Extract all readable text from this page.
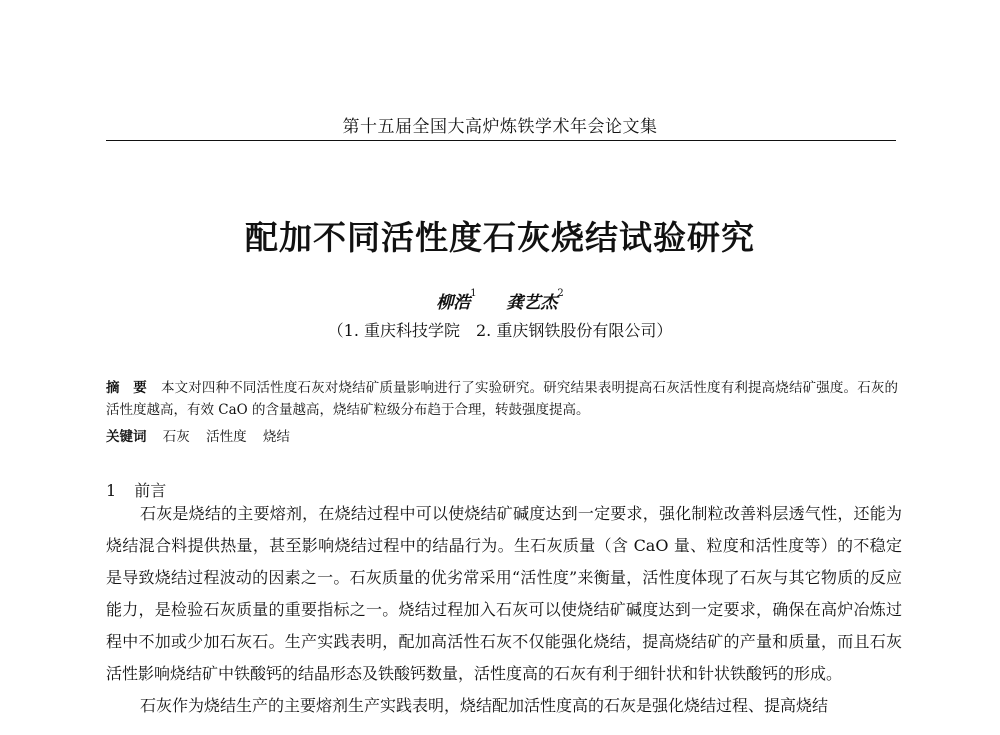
第十五届全国大高炉炼铁学术年会论文集
配加不同活性度石灰烧结试验研究
柳浩$^1$ 龚艺杰$^2$
（1. 重庆科技学院　2. 重庆钢铁股份有限公司）
摘　要 本文对四种不同活性度石灰对烧结矿质量影响进行了实验研究。研究结果表明提高石灰活性度有利提高烧结矿强度。石灰的活性度越高，有效 CaO 的含量越高，烧结矿粒级分布趋于合理，转鼓强度提高。
关键词 石灰 活性度 烧结
1 前言

石灰是烧结的主要熔剂，在烧结过程中可以使烧结矿碱度达到一定要求，强化制粒改善料层透气性，还能为烧结混合料提供热量，甚至影响烧结过程中的结晶行为。生石灰质量（含 CaO 量、粒度和活性度等）的不稳定是导致烧结过程波动的因素之一。石灰质量的优劣常采用“活性度”来衡量，活性度体现了石灰与其它物质的反应能力，是检验石灰质量的重要指标之一。烧结过程加入石灰可以使烧结矿碱度达到一定要求，确保在高炉冶炼过程中不加或少加石灰石。生产实践表明，配加高活性石灰不仅能强化烧结，提高烧结矿的产量和质量，而且石灰活性影响烧结矿中铁酸钙的结晶形态及铁酸钙数量，活性度高的石灰有利于细针状和针状铁酸钙的形成。

石灰作为烧结生产的主要熔剂生产实践表明，烧结配加活性度高的石灰是强化烧结过程、提高烧结
